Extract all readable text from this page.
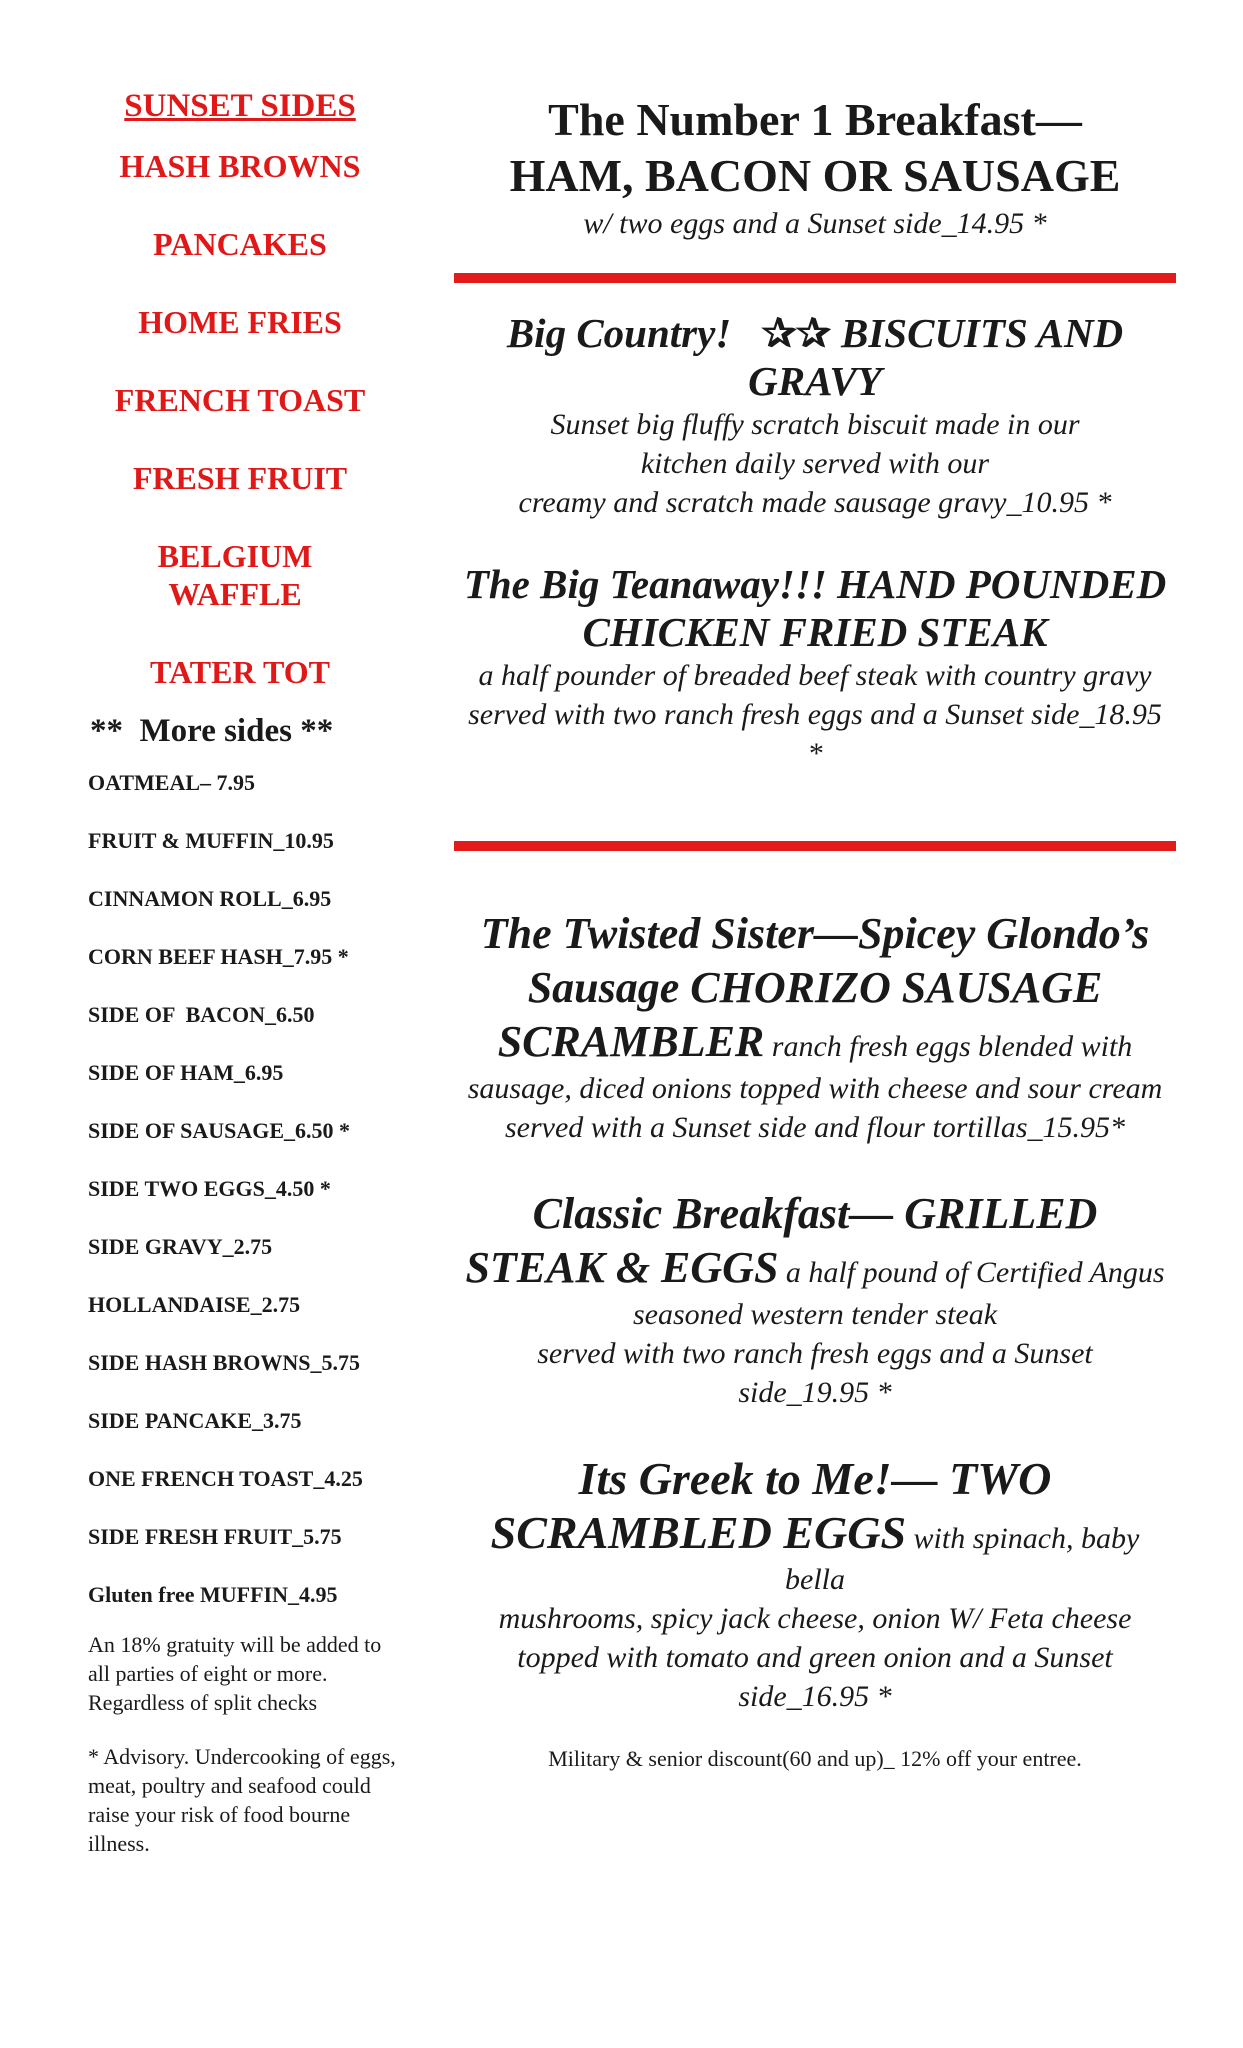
SUNSET SIDES
HASH BROWNS
PANCAKES
HOME FRIES
FRENCH TOAST
FRESH FRUIT
BELGIUM WAFFLE
TATER TOT
**  More sides **
OATMEAL– 7.95
FRUIT & MUFFIN_10.95
CINNAMON ROLL_6.95
CORN BEEF HASH_7.95 *
SIDE OF  BACON_6.50
SIDE OF HAM_6.95
SIDE OF SAUSAGE_6.50 *
SIDE TWO EGGS_4.50 *
SIDE GRAVY_2.75
HOLLANDAISE_2.75
SIDE HASH BROWNS_5.75
SIDE PANCAKE_3.75
ONE FRENCH TOAST_4.25
SIDE FRESH FRUIT_5.75
Gluten free MUFFIN_4.95
An 18% gratuity will be added to all parties of eight or more. Regardless of split checks
* Advisory. Undercooking of eggs, meat, poultry and seafood could raise your risk of food bourne illness.
The Number 1 Breakfast—
HAM, BACON OR SAUSAGE
w/ two eggs and a Sunset side_14.95 *
Big Country! ✰✰ BISCUITS AND GRAVY
Sunset big fluffy scratch biscuit made in our kitchen daily served with our
creamy and scratch made sausage gravy_10.95 *
The Big Teanaway!!! HAND POUNDED CHICKEN FRIED STEAK
a half pounder of breaded beef steak with country gravy served with two ranch fresh eggs and a Sunset side_18.95 *
The Twisted Sister—Spicey Glondo’s Sausage CHORIZO SAUSAGE SCRAMBLER ranch fresh eggs blended with sausage, diced onions topped with cheese and sour cream served with a Sunset side and flour tortillas_15.95*
Classic Breakfast— GRILLED STEAK & EGGS a half pound of Certified Angus seasoned western tender steak
served with two ranch fresh eggs and a Sunset side_19.95 *
Its Greek to Me!— TWO SCRAMBLED EGGS with spinach, baby bella
mushrooms, spicy jack cheese, onion W/ Feta cheese topped with tomato and green onion and a Sunset side_16.95 *
Military & senior discount(60 and up)_ 12% off your entree.
